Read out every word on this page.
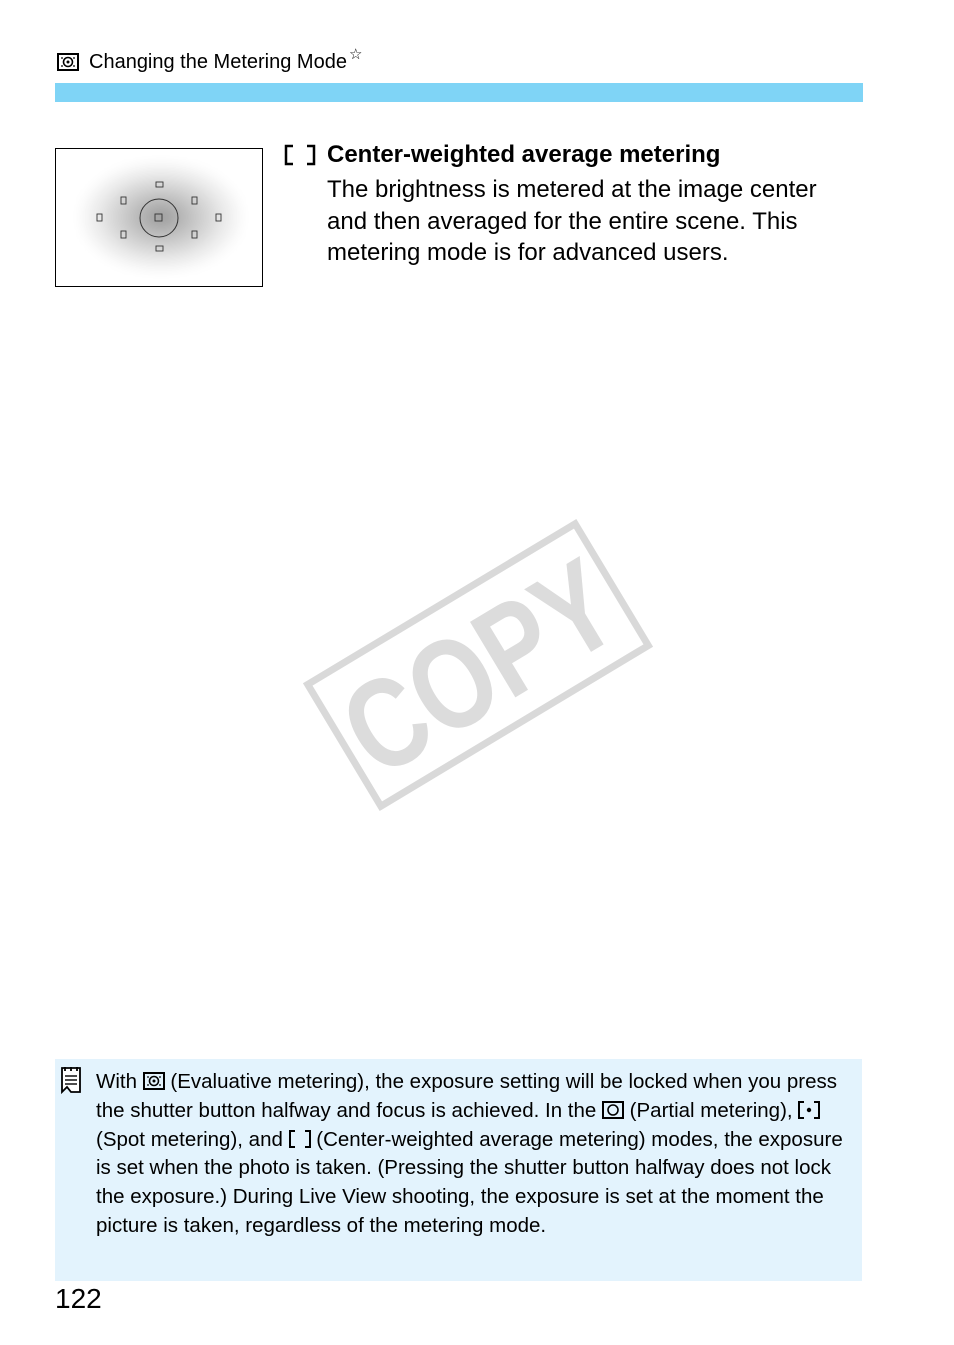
Changing the Metering Mode ☆
Center-weighted average metering
The brightness is metered at the image center and then averaged for the entire scene. This metering mode is for advanced users.
COPY
With
(Evaluative metering), the exposure setting will be locked when you press the shutter button halfway and focus is achieved. In the
(Partial metering),
(Spot metering), and
(Center-weighted average metering) modes, the exposure is set when the photo is taken. (Pressing the shutter button halfway does not lock the exposure.) During Live View shooting, the exposure is set at the moment the picture is taken, regardless of the metering mode.
122
